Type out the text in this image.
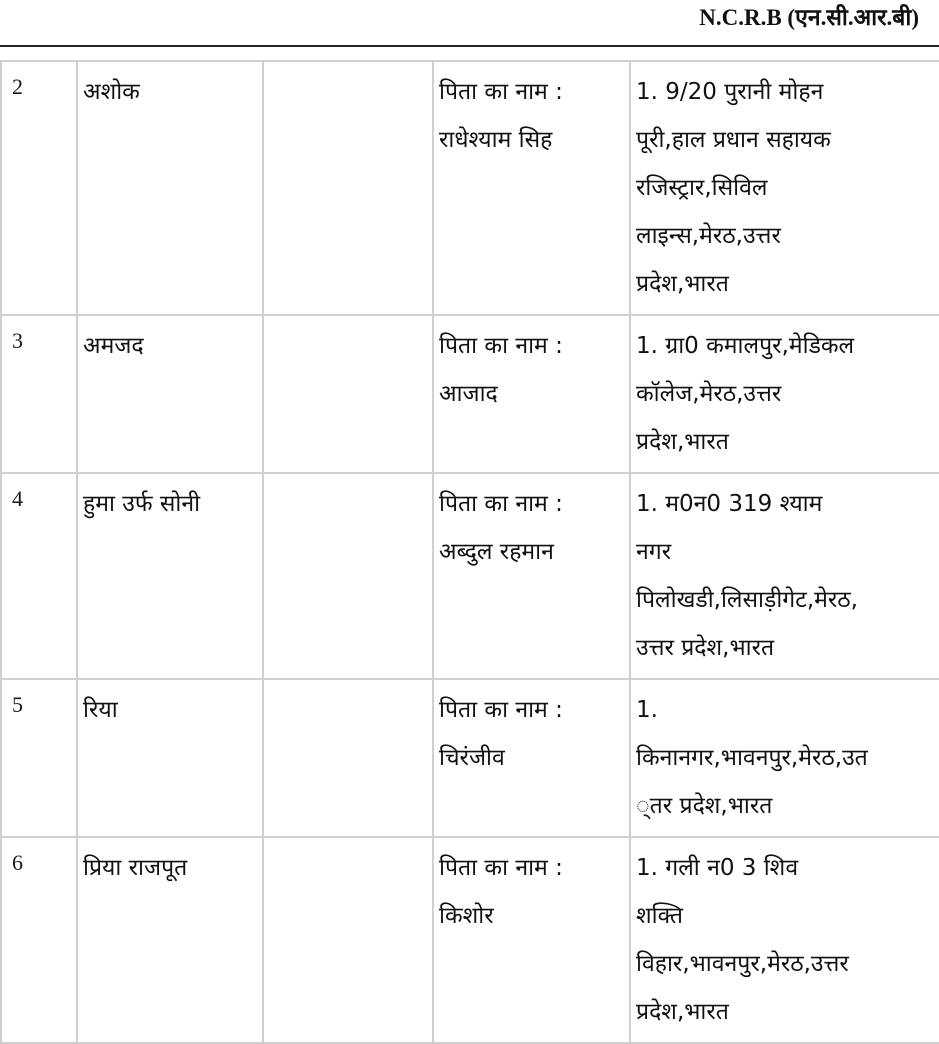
N.C.R.B (एन.सी.आर.बी)
2	अशोक		पिता का नाम :
राधेश्याम सिह	1. 9/20 पुरानी मोहन
पूरी,हाल प्रधान सहायक
रजिस्ट्रार,सिविल
लाइन्स,मेरठ,उत्तर
प्रदेश,भारत

3	अमजद		पिता का नाम :
आजाद	1. ग्रा0 कमालपुर,मेडिकल
कॉलेज,मेरठ,उत्तर
प्रदेश,भारत

4	हुमा उर्फ सोनी		पिता का नाम :
अब्दुल रहमान	1. म0न0 319 श्याम
नगर
पिलोखडी,लिसाड़ीगेट,मेरठ,
उत्तर प्रदेश,भारत

5	रिया		पिता का नाम :
चिरंजीव	1.
किनानगर,भावनपुर,मेरठ,उत
्तर प्रदेश,भारत

6	प्रिया राजपूत		पिता का नाम :
किशोर	1. गली न0 3 शिव
शक्ति
विहार,भावनपुर,मेरठ,उत्तर
प्रदेश,भारत
